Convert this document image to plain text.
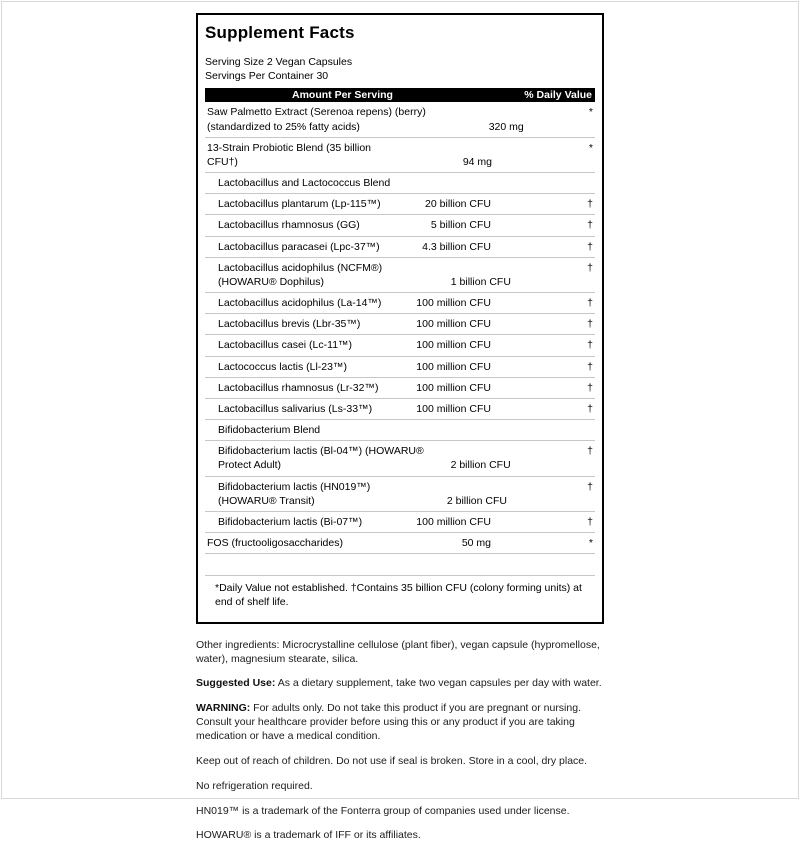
Supplement Facts
Serving Size 2 Vegan Capsules
Servings Per Container 30
Amount Per Serving	% Daily Value
Saw Palmetto Extract (Serenoa repens) (berry) (standardized to 25% fatty acids)	320 mg
*
13-Strain Probiotic Blend (35 billion CFU†)	94 mg
*
Lactobacillus and Lactococcus Blend
Lactobacillus plantarum (Lp-115™)	20 billion CFU	†
Lactobacillus rhamnosus (GG)	5 billion CFU	†
Lactobacillus paracasei (Lpc-37™)	4.3 billion CFU	†
Lactobacillus acidophilus (NCFM®) (HOWARU® Dophilus)	1 billion CFU
†
Lactobacillus acidophilus (La-14™)	100 million CFU	†
Lactobacillus brevis (Lbr-35™)	100 million CFU	†
Lactobacillus casei (Lc-11™)	100 million CFU	†
Lactococcus lactis (Ll-23™)	100 million CFU	†
Lactobacillus rhamnosus (Lr-32™)	100 million CFU	†
Lactobacillus salivarius (Ls-33™)	100 million CFU	†
Bifidobacterium Blend
Bifidobacterium lactis (Bl-04™) (HOWARU® Protect Adult)	2 billion CFU
†
Bifidobacterium lactis (HN019™) (HOWARU® Transit)	2 billion CFU
†
Bifidobacterium lactis (Bi-07™)	100 million CFU	†
FOS (fructooligosaccharides)	50 mg	*
*Daily Value not established. †Contains 35 billion CFU (colony forming units) at end of shelf life.

Other ingredients: Microcrystalline cellulose (plant fiber), vegan capsule (hypromellose, water), magnesium stearate, silica.

Suggested Use: As a dietary supplement, take two vegan capsules per day with water.

WARNING: For adults only. Do not take this product if you are pregnant or nursing. Consult your healthcare provider before using this or any product if you are taking medication or have a medical condition.

Keep out of reach of children. Do not use if seal is broken. Store in a cool, dry place.

No refrigeration required.

HN019™ is a trademark of the Fonterra group of companies used under license.

HOWARU® is a trademark of IFF or its affiliates.
